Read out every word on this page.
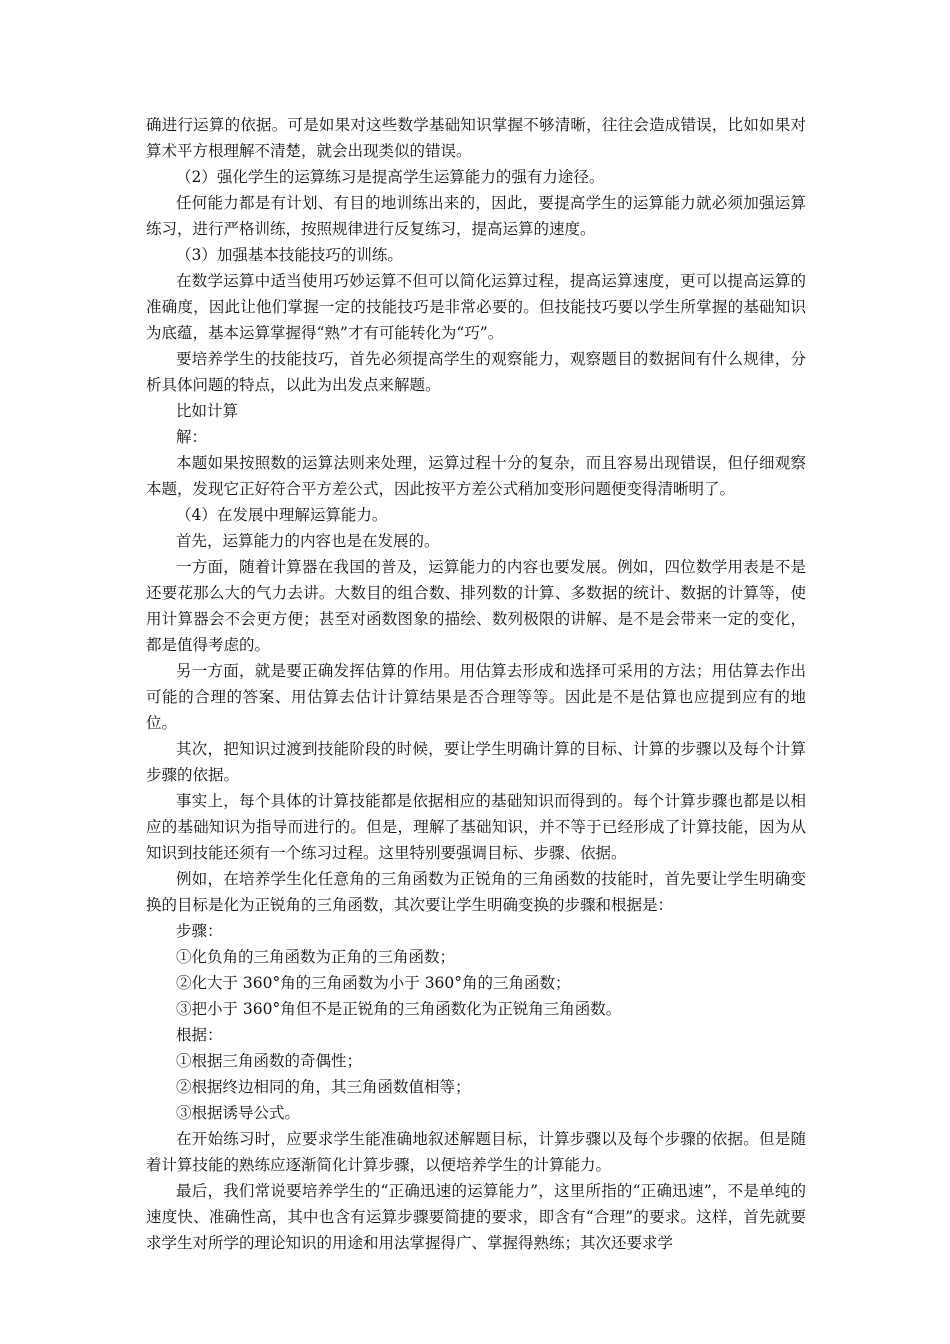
确进行运算的依据。可是如果对这些数学基础知识掌握不够清晰，往往会造成错误，比如如果对算术平方根理解不清楚，就会出现类似的错误。

（2）强化学生的运算练习是提高学生运算能力的强有力途径。

任何能力都是有计划、有目的地训练出来的，因此，要提高学生的运算能力就必须加强运算练习，进行严格训练，按照规律进行反复练习，提高运算的速度。

（3）加强基本技能技巧的训练。

在数学运算中适当使用巧妙运算不但可以简化运算过程，提高运算速度，更可以提高运算的准确度，因此让他们掌握一定的技能技巧是非常必要的。但技能技巧要以学生所掌握的基础知识为底蕴，基本运算掌握得“熟”才有可能转化为“巧”。

要培养学生的技能技巧，首先必须提高学生的观察能力，观察题目的数据间有什么规律，分析具体问题的特点，以此为出发点来解题。

比如计算

解：

本题如果按照数的运算法则来处理，运算过程十分的复杂，而且容易出现错误，但仔细观察本题，发现它正好符合平方差公式，因此按平方差公式稍加变形问题便变得清晰明了。

（4）在发展中理解运算能力。

首先，运算能力的内容也是在发展的。

一方面，随着计算器在我国的普及，运算能力的内容也要发展。例如，四位数学用表是不是还要花那么大的气力去讲。大数目的组合数、排列数的计算、多数据的统计、数据的计算等，使用计算器会不会更方便；甚至对函数图象的描绘、数列极限的讲解、是不是会带来一定的变化，都是值得考虑的。

另一方面，就是要正确发挥估算的作用。用估算去形成和选择可采用的方法；用估算去作出可能的合理的答案、用估算去估计计算结果是否合理等等。因此是不是估算也应提到应有的地位。

其次，把知识过渡到技能阶段的时候，要让学生明确计算的目标、计算的步骤以及每个计算步骤的依据。

事实上，每个具体的计算技能都是依据相应的基础知识而得到的。每个计算步骤也都是以相应的基础知识为指导而进行的。但是，理解了基础知识，并不等于已经形成了计算技能，因为从知识到技能还须有一个练习过程。这里特别要强调目标、步骤、依据。

例如，在培养学生化任意角的三角函数为正锐角的三角函数的技能时，首先要让学生明确变换的目标是化为正锐角的三角函数，其次要让学生明确变换的步骤和根据是：

步骤：

①化负角的三角函数为正角的三角函数；

②化大于 360°角的三角函数为小于 360°角的三角函数；

③把小于 360°角但不是正锐角的三角函数化为正锐角三角函数。

根据：

①根据三角函数的奇偶性；

②根据终边相同的角，其三角函数值相等；

③根据诱导公式。

在开始练习时，应要求学生能准确地叙述解题目标，计算步骤以及每个步骤的依据。但是随着计算技能的熟练应逐渐简化计算步骤，以便培养学生的计算能力。

最后，我们常说要培养学生的“正确迅速的运算能力”，这里所指的“正确迅速”，不是单纯的速度快、准确性高，其中也含有运算步骤要简捷的要求，即含有“合理”的要求。这样，首先就要求学生对所学的理论知识的用途和用法掌握得广、掌握得熟练；其次还要求学
